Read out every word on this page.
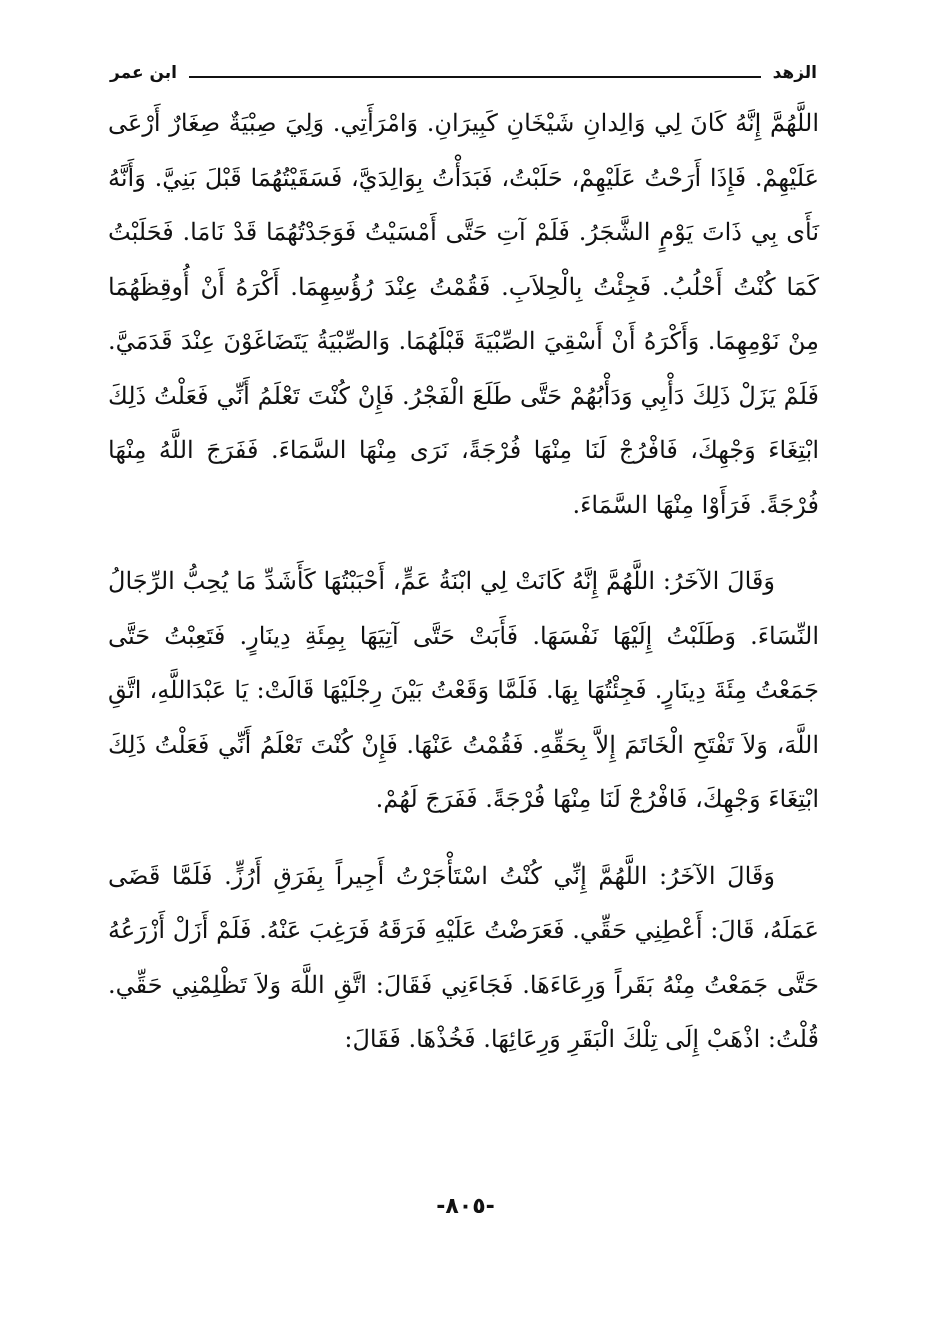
الزهد
ابن عمر

اللَّهُمَّ إِنَّهُ كَانَ لِي وَالِدانِ شَيْخَانِ كَبِيرَانِ. وَامْرَأَتِي. وَلِيَ صِبْيَةٌ صِغَارٌ أَرْعَى عَلَيْهِمْ. فَإِذَا أَرَحْتُ عَلَيْهِمْ، حَلَبْتُ، فَبَدَأْتُ بِوَالِدَيَّ، فَسَقَيْتُهُمَا قَبْلَ بَنِيَّ. وَأَنَّهُ نَأَى بِي ذَاتَ يَوْمٍ الشَّجَرُ. فَلَمْ آتِ حَتَّى أَمْسَيْتُ فَوَجَدْتُهُمَا قَدْ نَامَا. فَحَلَبْتُ كَمَا كُنْتُ أَحْلُبُ. فَجِئْتُ بِالْحِلاَبِ. فَقُمْتُ عِنْدَ رُؤُسِهِمَا. أَكْرَهُ أَنْ أُوقِظَهُمَا مِنْ نَوْمِهِمَا. وَأَكْرَهُ أَنْ أَسْقِيَ الصِّبْيَةَ قَبْلَهُمَا. وَالصِّبْيَةُ يَتَضَاغَوْنَ عِنْدَ قَدَمَيَّ. فَلَمْ يَزَلْ ذَلِكَ دَأْبِي وَدَأْبُهُمْ حَتَّى طَلَعَ الْفَجْرُ. فَإِنْ كُنْتَ تَعْلَمُ أَنِّي فَعَلْتُ ذَلِكَ ابْتِغَاءَ وَجْهِكَ، فَافْرُجْ لَنَا مِنْهَا فُرْجَةً، نَرَى مِنْهَا السَّمَاءَ. فَفَرَجَ اللَّهُ مِنْهَا فُرْجَةً. فَرَأَوْا مِنْهَا السَّمَاءَ.

وَقَالَ الآخَرُ: اللَّهُمَّ إِنَّهُ كَانَتْ لِي ابْنَةُ عَمٍّ، أَحْبَبْتُهَا كَأَشَدِّ مَا يُحِبُّ الرِّجَالُ النِّسَاءَ. وَطَلَبْتُ إِلَيْهَا نَفْسَهَا. فَأَبَتْ حَتَّى آتِيَهَا بِمِئَةِ دِينَارٍ. فَتَعِبْتُ حَتَّى جَمَعْتُ مِئَةَ دِينَارٍ. فَجِئْتُهَا بِهَا. فَلَمَّا وَقَعْتُ بَيْنَ رِجْلَيْهَا قَالَتْ: يَا عَبْدَاللَّهِ، اتَّقِ اللَّهَ، وَلاَ تَفْتَحِ الْخَاتَمَ إِلاَّ بِحَقِّهِ. فَقُمْتُ عَنْهَا. فَإِنْ كُنْتَ تَعْلَمُ أَنِّي فَعَلْتُ ذَلِكَ ابْتِغَاءَ وَجْهِكَ، فَافْرُجْ لَنَا مِنْهَا فُرْجَةً. فَفَرَجَ لَهُمْ.

وَقَالَ الآخَرُ: اللَّهُمَّ إِنِّي كُنْتُ اسْتَأْجَرْتُ أَجِيراً بِفَرَقِ أَرُزٍّ. فَلَمَّا قَضَى عَمَلَهُ، قَالَ: أَعْطِنِي حَقِّي. فَعَرَضْتُ عَلَيْهِ فَرَقَهُ فَرَغِبَ عَنْهُ. فَلَمْ أَزَلْ أَزْرَعُهُ حَتَّى جَمَعْتُ مِنْهُ بَقَراً وَرِعَاءَهَا. فَجَاءَنِي فَقَالَ: اتَّقِ اللَّهَ وَلاَ تَظْلِمْنِي حَقِّي. قُلْتُ: اذْهَبْ إِلَى تِلْكَ الْبَقَرِ وَرِعَائِهَا. فَخُذْهَا. فَقَالَ:

-٨٠٥-
